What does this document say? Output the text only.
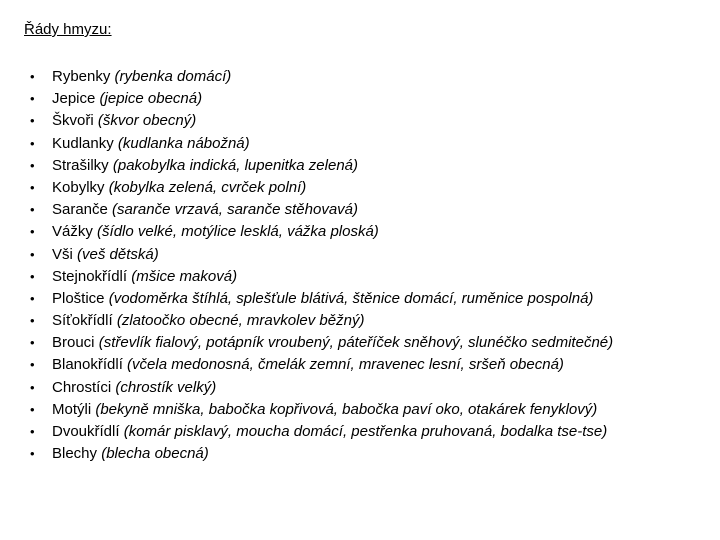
Řády hmyzu:
• Rybenky (rybenka domácí)
• Jepice (jepice obecná)
• Škvoři (škvor obecný)
• Kudlanky (kudlanka nábožná)
• Strašilky (pakobylka indická, lupenitka zelená)
• Kobylky (kobylka zelená, cvrček polní)
• Saranče (saranče vrzavá, saranče stěhovavá)
• Vážky (šídlo velké, motýlice lesklá, vážka ploská)
• Vši (veš dětská)
• Stejnokřídlí (mšice maková)
• Ploštice (vodoměrka štíhlá, splešťule blátivá, štěnice domácí, ruměnice pospolná)
• Síťokřídlí (zlatoočko obecné, mravkolev běžný)
• Brouci (střevlík fialový, potápník vroubený, páteříček sněhový, slunéčko sedmitečné)
• Blanokřídlí (včela medonosná, čmelák zemní, mravenec lesní, sršeň obecná)
• Chrostíci (chrostík velký)
• Motýli (bekyně mniška, babočka kopřivová, babočka paví oko, otakárek fenyklový)
• Dvoukřídlí (komár pisklavý, moucha domácí, pestřenka pruhovaná, bodalka tse-tse)
• Blechy (blecha obecná)
